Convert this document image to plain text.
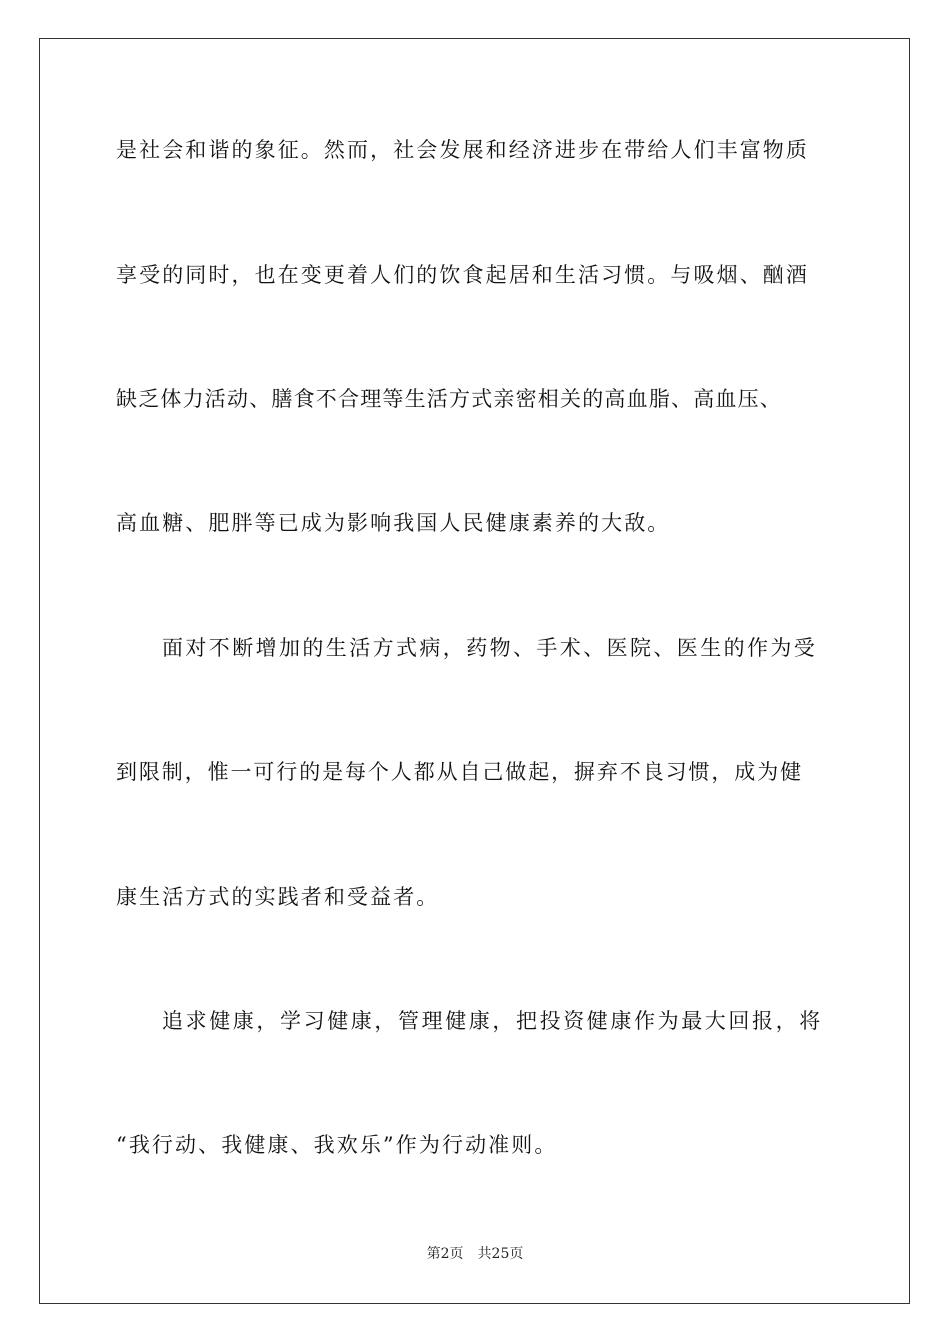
是社会和谐的象征。然而，社会发展和经济进步在带给人们丰富物质
享受的同时，也在变更着人们的饮食起居和生活习惯。与吸烟、酗酒
缺乏体力活动、膳食不合理等生活方式亲密相关的高血脂、高血压、
高血糖、肥胖等已成为影响我国人民健康素养的大敌。
面对不断增加的生活方式病，药物、手术、医院、医生的作为受
到限制，惟一可行的是每个人都从自己做起，摒弃不良习惯，成为健
康生活方式的实践者和受益者。
追求健康，学习健康，管理健康，把投资健康作为最大回报，将
“我行动、我健康、我欢乐”作为行动准则。
第2页 共25页
